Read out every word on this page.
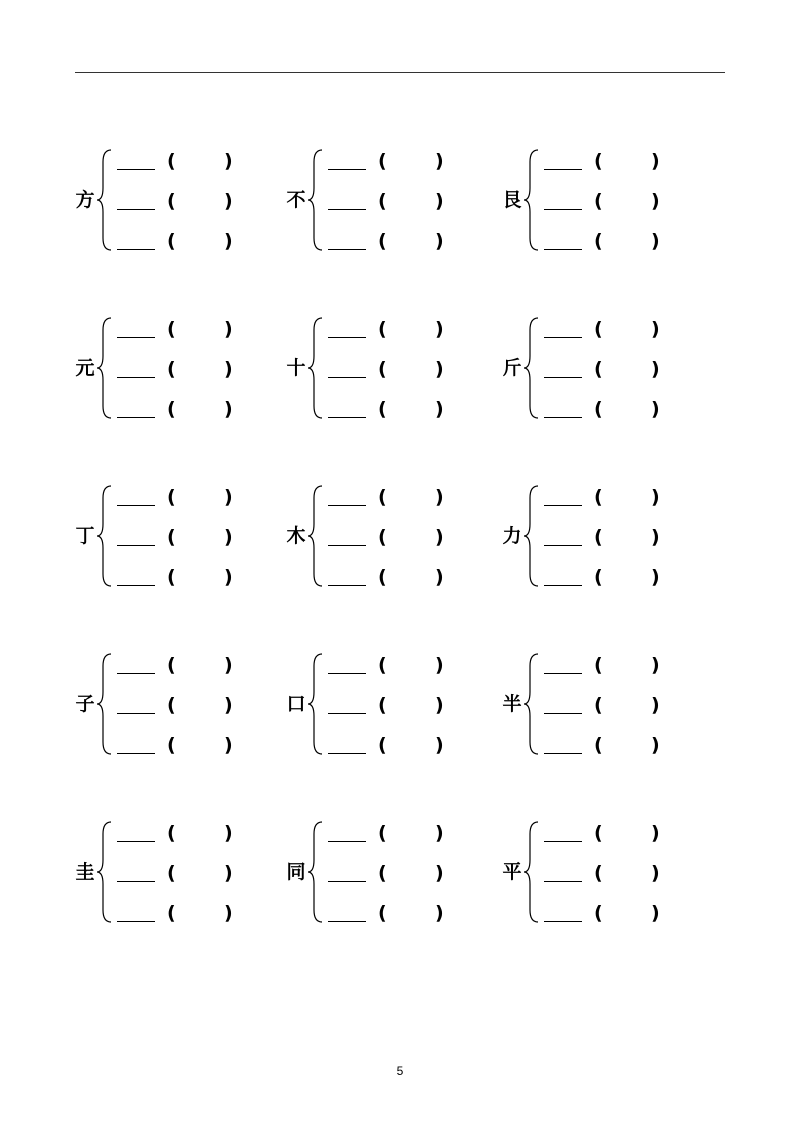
方
(	)
(	)
(	)
不
(	)
(	)
(	)
艮
(	)
(	)
(	)
元
(	)
(	)
(	)
十
(	)
(	)
(	)
斤
(	)
(	)
(	)
丁
(	)
(	)
(	)
木
(	)
(	)
(	)
力
(	)
(	)
(	)
子
(	)
(	)
(	)
口
(	)
(	)
(	)
半
(	)
(	)
(	)
圭
(	)
(	)
(	)
同
(	)
(	)
(	)
平
(	)
(	)
(	)
5
